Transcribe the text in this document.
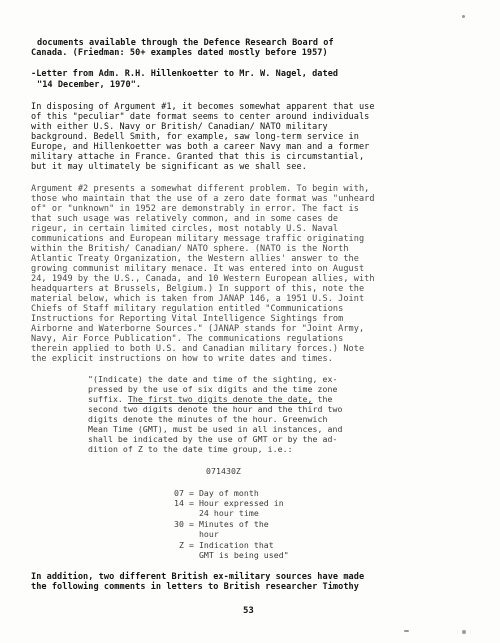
documents available through the Defence Research Board of
Canada. (Friedman: 50+ examples dated mostly before 1957)
-Letter from Adm. R.H. Hillenkoetter to Mr. W. Nagel, dated
"14 December, 1970".
In disposing of Argument #1, it becomes somewhat apparent that use
of this "peculiar" date format seems to center around individuals
with either U.S. Navy or British/ Canadian/ NATO military
background. Bedell Smith, for example, saw long-term service in
Europe, and Hillenkoetter was both a career Navy man and a former
military attache in France. Granted that this is circumstantial,
but it may ultimately be significant as we shall see.
Argument #2 presents a somewhat different problem. To begin with,
those who maintain that the use of a zero date format was "unheard
of" or "unknown" in 1952 are demonstrably in error. The fact is
that such usage was relatively common, and in some cases de
rigeur, in certain limited circles, most notably U.S. Naval
communications and European military message traffic originating
within the British/ Canadian/ NATO sphere. (NATO is the North
Atlantic Treaty Organization, the Western allies' answer to the
growing communist military menace. It was entered into on August
24, 1949 by the U.S., Canada, and 10 Western European allies, with
headquarters at Brussels, Belgium.) In support of this, note the
material below, which is taken from JANAP 146, a 1951 U.S. Joint
Chiefs of Staff military regulation entitled "Communications
Instructions for Reporting Vital Intelligence Sightings from
Airborne and Waterborne Sources." (JANAP stands for "Joint Army,
Navy, Air Force Publication". The communications regulations
therein applied to both U.S. and Canadian military forces.) Note
the explicit instructions on how to write dates and times.
"(Indicate) the date and time of the sighting, ex-
pressed by the use of six digits and the time zone
suffix. The first two digits denote the date, the
second two digits denote the hour and the third two
digits denote the minutes of the hour. Greenwich
Mean Time (GMT), must be used in all instances, and
shall be indicated by the use of GMT or by the ad-
dition of Z to the date time group, i.e.:
071430Z
07 = Day of month
14 = Hour expressed in
24 hour time
30 = Minutes of the
hour
Z = Indication that
GMT is being used"
In addition, two different British ex-military sources have made
the following comments in letters to British researcher Timothy
53
